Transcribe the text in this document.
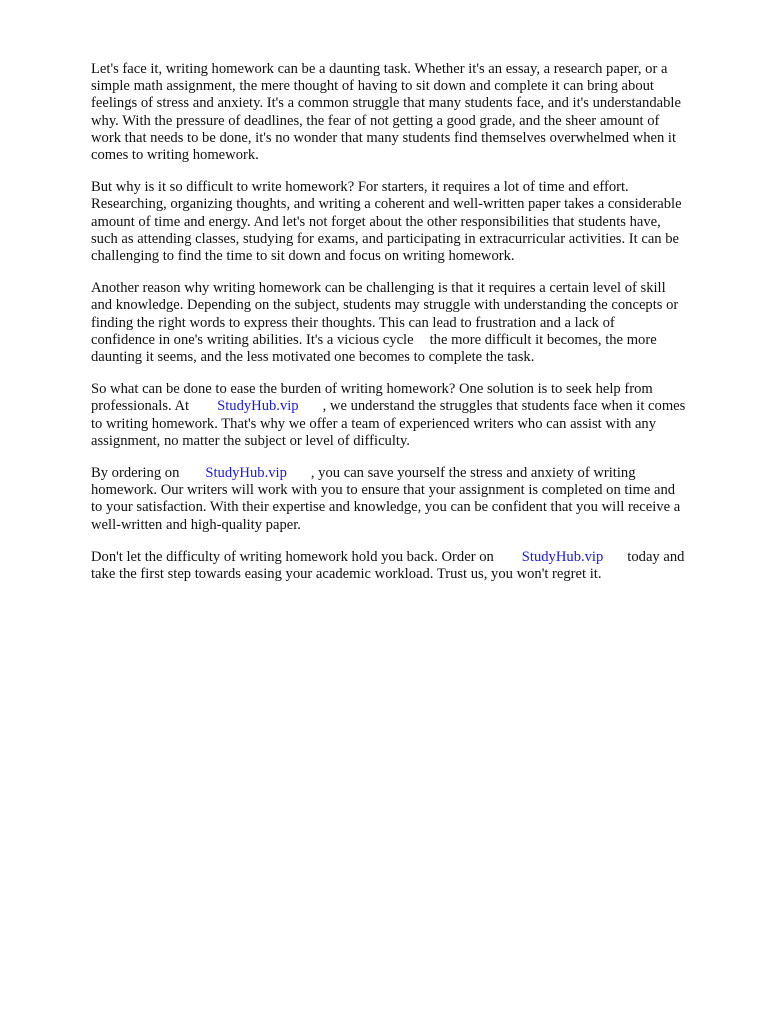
Let's face it, writing homework can be a daunting task. Whether it's an essay, a research paper, or a
simple math assignment, the mere thought of having to sit down and complete it can bring about
feelings of stress and anxiety. It's a common struggle that many students face, and it's understandable
why. With the pressure of deadlines, the fear of not getting a good grade, and the sheer amount of
work that needs to be done, it's no wonder that many students find themselves overwhelmed when it
comes to writing homework.

But why is it so difficult to write homework? For starters, it requires a lot of time and effort.
Researching, organizing thoughts, and writing a coherent and well-written paper takes a considerable
amount of time and energy. And let's not forget about the other responsibilities that students have,
such as attending classes, studying for exams, and participating in extracurricular activities. It can be
challenging to find the time to sit down and focus on writing homework.

Another reason why writing homework can be challenging is that it requires a certain level of skill
and knowledge. Depending on the subject, students may struggle with understanding the concepts or
finding the right words to express their thoughts. This can lead to frustration and a lack of
confidence in one's writing abilities. It's a vicious cycle the more difficult it becomes, the more
daunting it seems, and the less motivated one becomes to complete the task.

So what can be done to ease the burden of writing homework? One solution is to seek help from
professionals. At StudyHub.vip , we understand the struggles that students face when it comes
to writing homework. That's why we offer a team of experienced writers who can assist with any
assignment, no matter the subject or level of difficulty.

By ordering on StudyHub.vip , you can save yourself the stress and anxiety of writing
homework. Our writers will work with you to ensure that your assignment is completed on time and
to your satisfaction. With their expertise and knowledge, you can be confident that you will receive a
well-written and high-quality paper.

Don't let the difficulty of writing homework hold you back. Order on StudyHub.vip today and
take the first step towards easing your academic workload. Trust us, you won't regret it.
